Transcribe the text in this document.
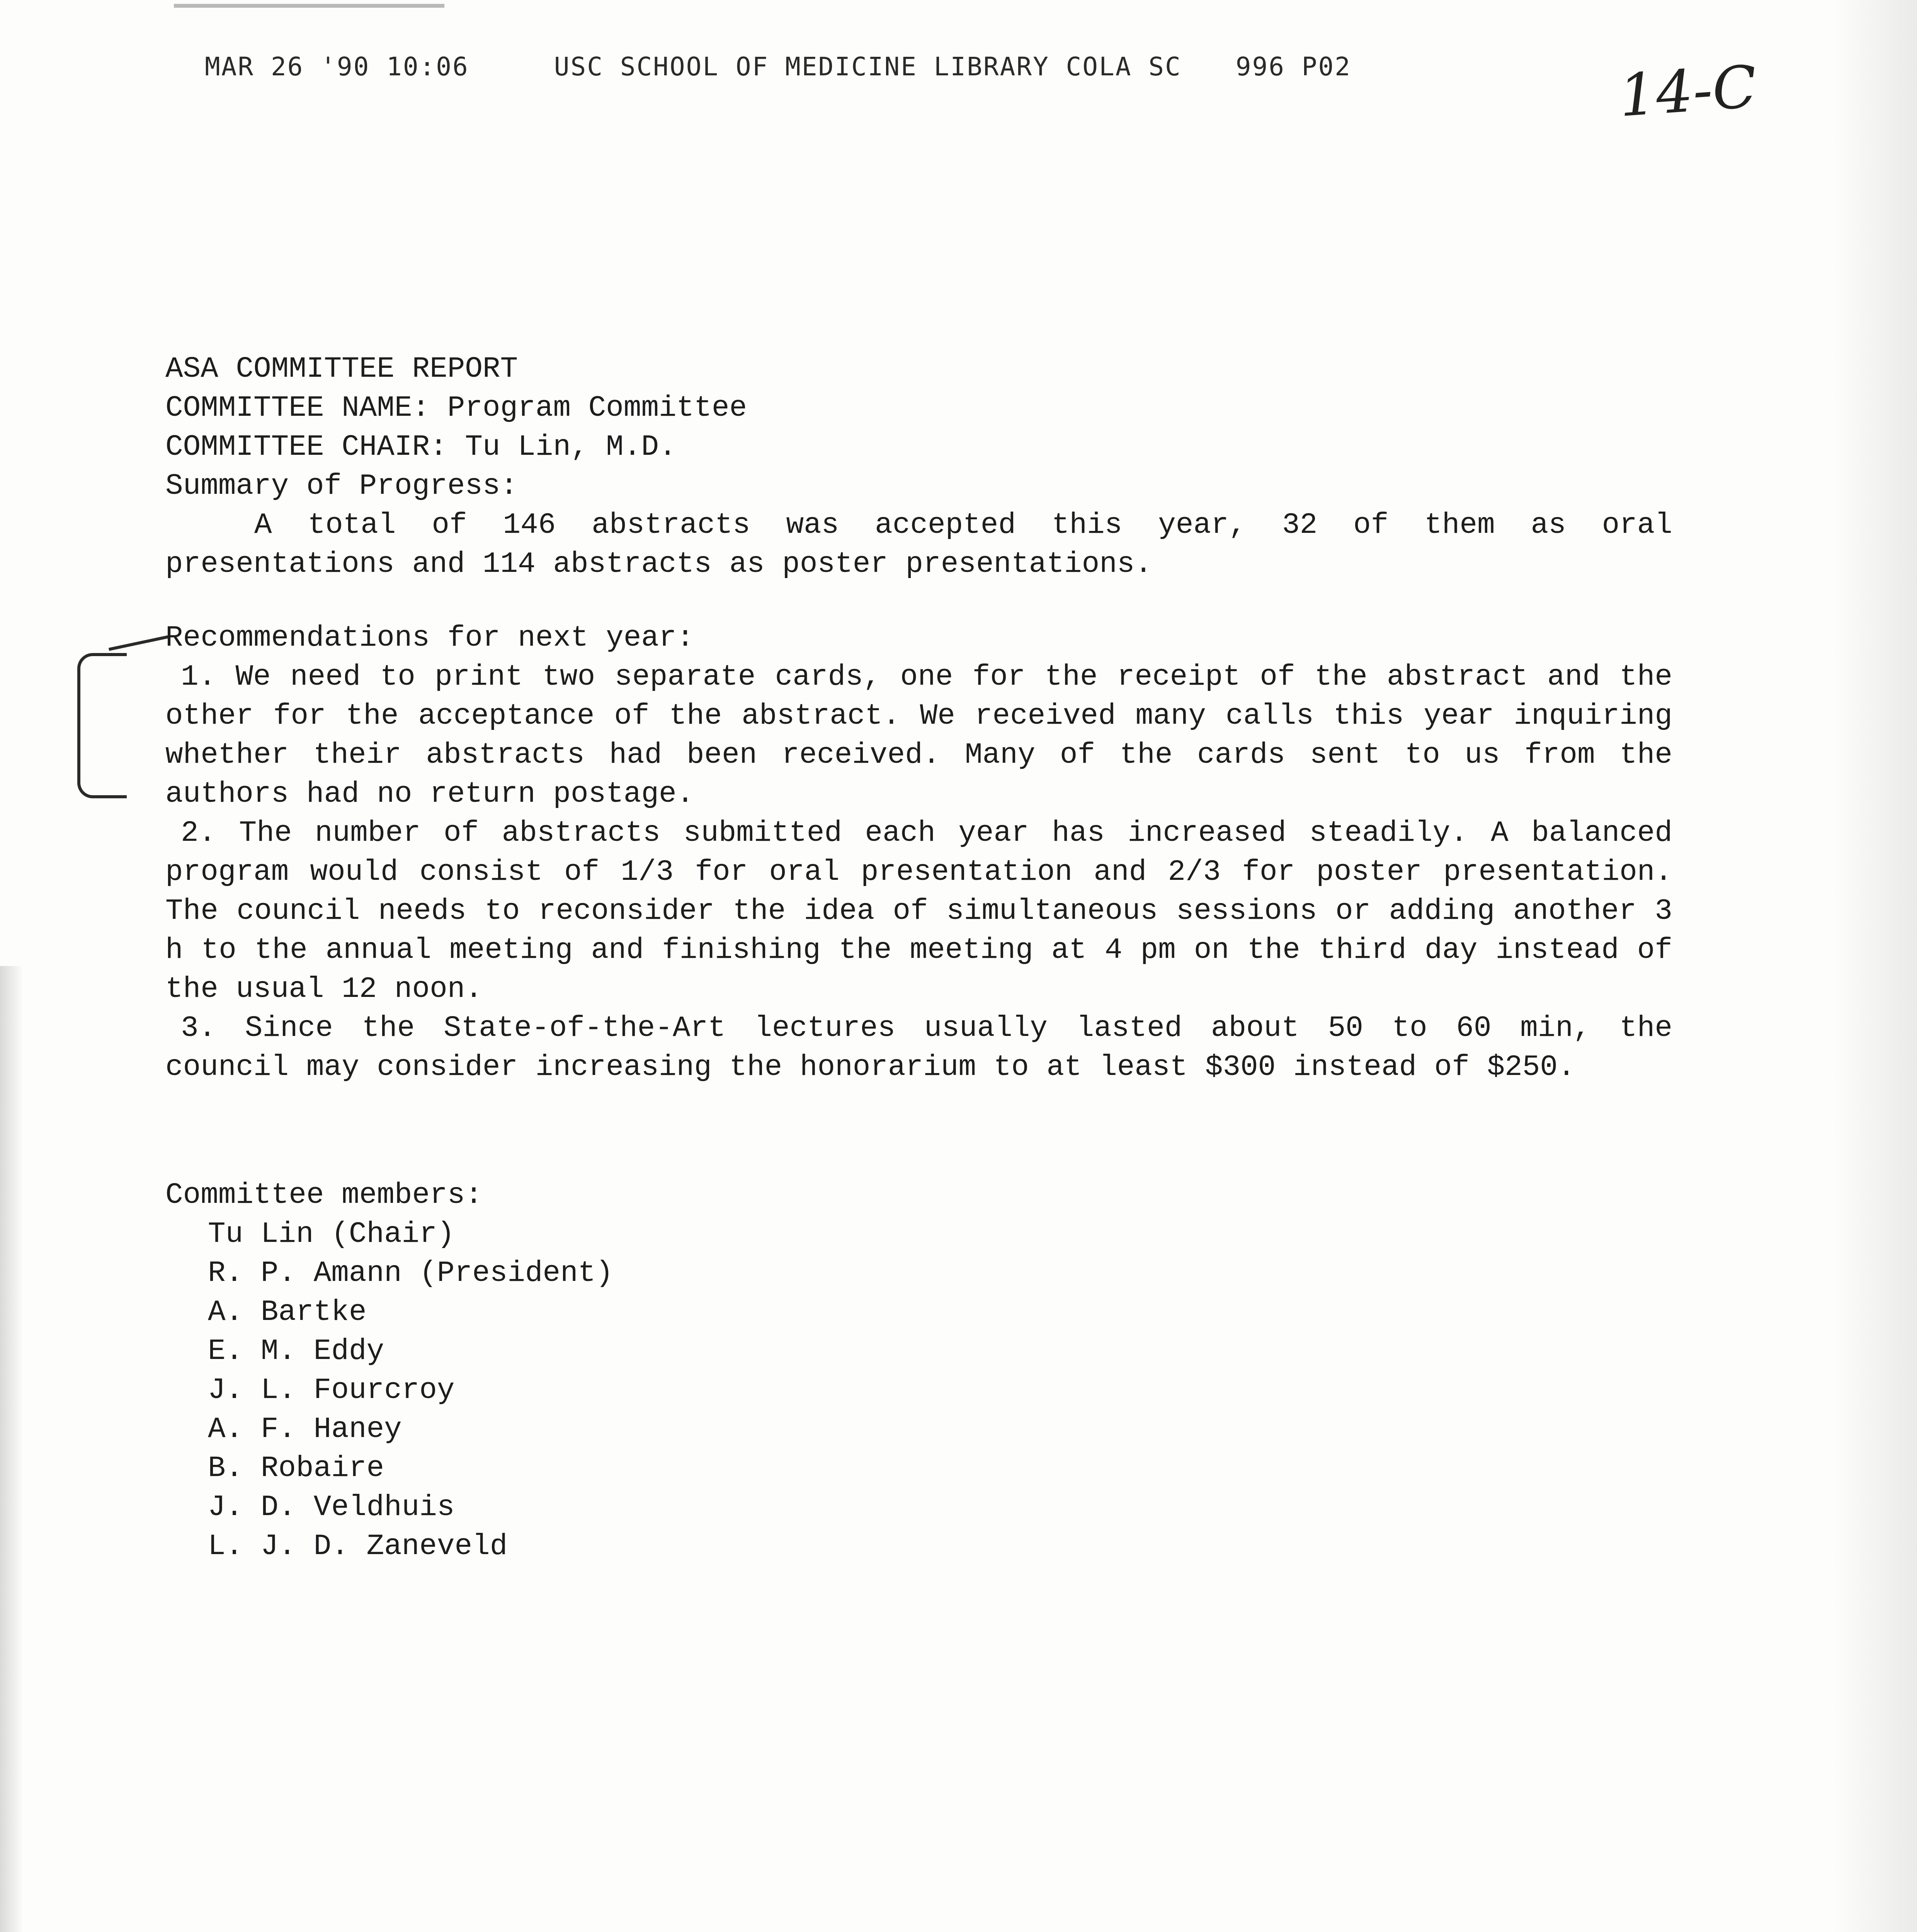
MAR 26 '90 10:06	USC SCHOOL OF MEDICINE LIBRARY COLA SC 996 P02	14-C
ASA COMMITTEE REPORT
COMMITTEE NAME: Program Committee
COMMITTEE CHAIR: Tu Lin, M.D.
Summary of Progress:
A total of 146 abstracts was accepted this year, 32 of them as oral presentations and 114 abstracts as poster presentations.
Recommendations for next year:
1. We need to print two separate cards, one for the receipt of the abstract and the other for the acceptance of the abstract. We received many calls this year inquiring whether their abstracts had been received. Many of the cards sent to us from the authors had no return postage.
2. The number of abstracts submitted each year has increased steadily. A balanced program would consist of 1/3 for oral presentation and 2/3 for poster presentation. The council needs to reconsider the idea of simultaneous sessions or adding another 3 h to the annual meeting and finishing the meeting at 4 pm on the third day instead of the usual 12 noon.
3. Since the State-of-the-Art lectures usually lasted about 50 to 60 min, the council may consider increasing the honorarium to at least $300 instead of $250.
Committee members:
Tu Lin (Chair)
R. P. Amann (President)
A. Bartke
E. M. Eddy
J. L. Fourcroy
A. F. Haney
B. Robaire
J. D. Veldhuis
L. J. D. Zaneveld
